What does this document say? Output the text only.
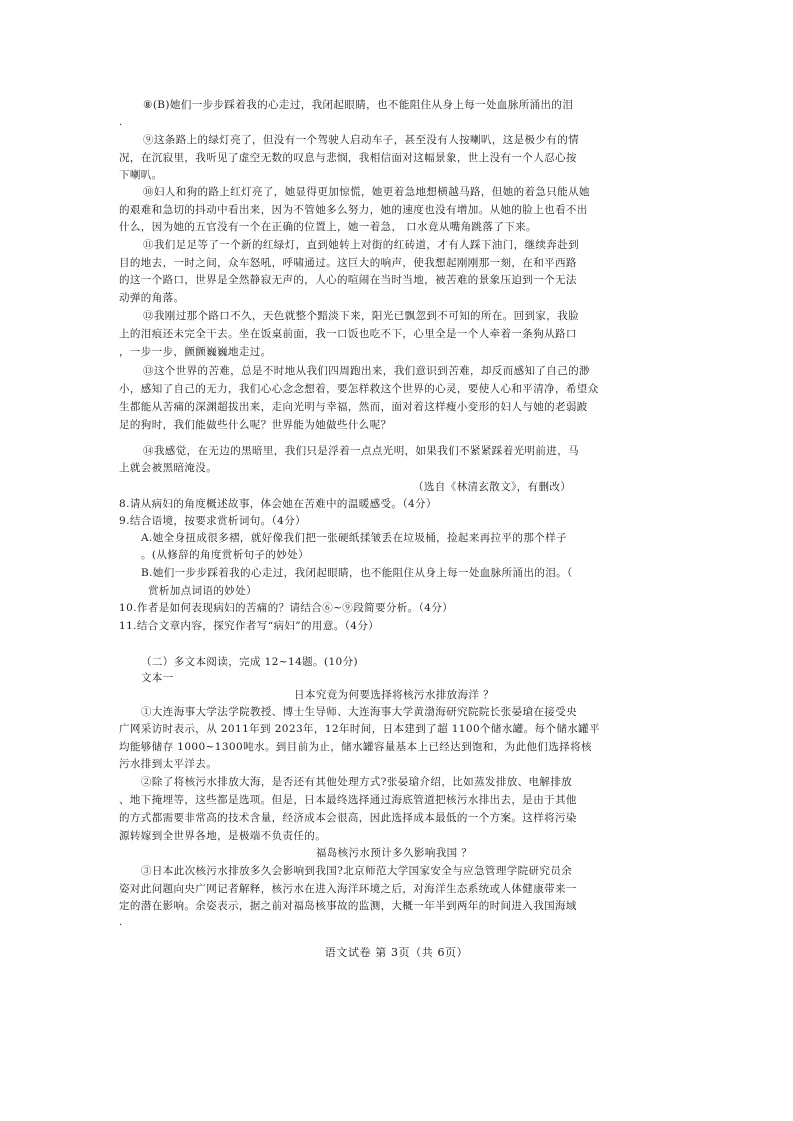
⑧(B)她们一步步踩着我的心走过，我闭起眼睛，也不能阻住从身上每一处血脉所涌出的泪
.
⑨这条路上的绿灯亮了，但没有一个驾驶人启动车子，甚至没有人按喇叭，这是极少有的情
况，在沉寂里，我听见了虚空无数的叹息与悲悯，我相信面对这幅景象，世上没有一个人忍心按
下喇叭。
⑩妇人和狗的路上红灯亮了，她显得更加惊慌，她更着急地想横越马路，但她的着急只能从她
的艰难和急切的抖动中看出来，因为不管她多么努力，她的速度也没有增加。从她的脸上也看不出
什么，因为她的五官没有一个在正确的位置上，她一着急， 口水竟从嘴角跳落了下来。
⑪我们足足等了一个新的红绿灯，直到她转上对街的红砖道，才有人踩下油门，继续奔赴到
目的地去，一时之间，众车怒吼，呼啸通过。这巨大的响声，使我想起刚刚那一刻，在和平西路
的这一个路口，世界是全然静寂无声的，人心的喧闹在当时当地，被苦难的景象压迫到一个无法
动弹的角落。
⑫我刚过那个路口不久，天色就整个黯淡下来，阳光已飘忽到不可知的所在。回到家，我脸
上的泪痕还未完全干去。坐在饭桌前面，我一口饭也吃不下，心里全是一个人牵着一条狗从路口
，一步一步，颤颤巍巍地走过。
⑬这个世界的苦难，总是不时地从我们四周跑出来，我们意识到苦难，却反而感知了自己的渺
小，感知了自己的无力，我们心心念念想着，要怎样救这个世界的心灵，要使人心和平清净，希望众
生都能从苦痛的深渊超拔出来，走向光明与幸福，然而，面对着这样瘦小变形的妇人与她的老弱跛
足的狗时，我们能做些什么呢？世界能为她做些什么呢？
⑭我感觉，在无边的黑暗里，我们只是浮着一点点光明，如果我们不紧紧踩着光明前进，马
上就会被黑暗淹没。
（选自《林清玄散文》，有删改）
8.请从病妇的角度概述故事，体会她在苦难中的温暖感受。（4分）
9.结合语境，按要求赏析词句。（4分）
A.她全身扭成很多褶，就好像我们把一张硬纸揉皱丢在垃圾桶，捡起来再拉平的那个样子
。(从修辞的角度赏析句子的妙处）
B.她们一步步踩着我的心走过，我闭起眼睛，也不能阻住从身上每一处血脉所涌出的泪。（
赏析加点词语的妙处）
10.作者是如何表现病妇的苦痛的？请结合⑥~⑨段简要分析。（4分）
11.结合文章内容，探究作者写“病妇”的用意。（4分）
（二）多文本阅读，完成 12~14题。(10分)
文本一
日本究竟为何要选择将核污水排放海洋 ？
①大连海事大学法学院教授、博士生导师、大连海事大学黄渤海研究院院长张晏瑲在接受央
广网采访时表示，从 2011年到 2023年，12年时间，日本建到了超 1100个储水罐。每个储水罐平
均能够储存 1000~1300吨水。到目前为止，储水罐容量基本上已经达到饱和，为此他们选择将核
污水排到太平洋去。
②除了将核污水排放大海，是否还有其他处理方式?张晏瑲介绍，比如蒸发排放、电解排放
、地下掩埋等，这些都是选项。但是，日本最终选择通过海底管道把核污水排出去，是由于其他
的方式都需要非常高的技术含量，经济成本会很高，因此选择成本最低的一个方案。这样将污染
源转嫁到全世界各地，是极端不负责任的。
福岛核污水预计多久影响我国 ？
③日本此次核污水排放多久会影响到我国?北京师范大学国家安全与应急管理学院研究员余
姿对此问题向央广网记者解释，核污水在进入海洋环境之后，对海洋生态系统或人体健康带来一
定的潜在影响。余姿表示，据之前对福岛核事故的监测，大概一年半到两年的时间进入我国海域
.
语文试卷 第 3页（共 6页）
